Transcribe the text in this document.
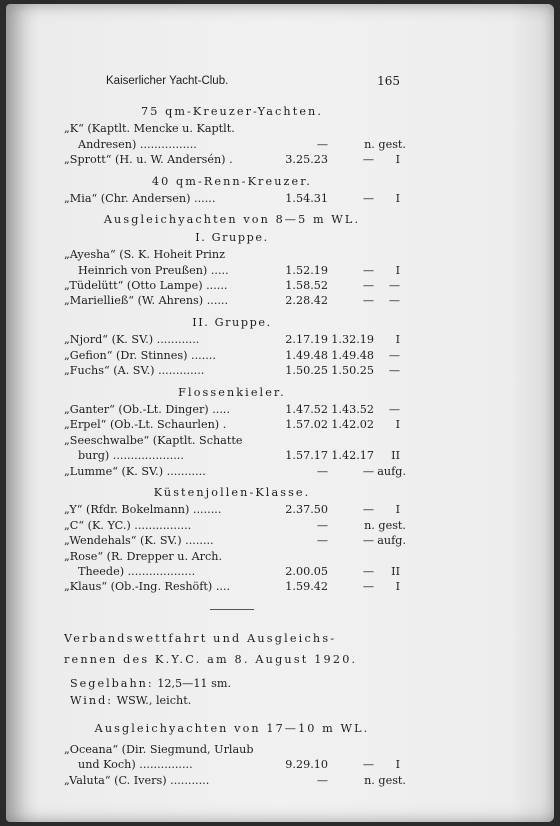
Kaiserlicher Yacht-Club.	165
75 qm-Kreuzer-Yachten.
„K“ (Kaptlt. Mencke u. Kaptlt.
Andresen) ................	—	n. gest.
„Sprott“ (H. u. W. Andersén) .	3.25.23	—	I
40 qm-Renn-Kreuzer.
„Mia“ (Chr. Andersen) ......	1.54.31	—	I
Ausgleichyachten von 8—5 m WL.
I. Gruppe.
„Ayesha“ (S. K. Hoheit Prinz
Heinrich von Preußen) .....	1.52.19	—	I
„Tüdelütt“ (Otto Lampe) ......	1.58.52	—	—
„Marielließ“ (W. Ahrens) ......	2.28.42	—	—
II. Gruppe.
„Njord“ (K. SV.) ............	2.17.19 1.32.19	I
„Gefion“ (Dr. Stinnes) .......	1.49.48 1.49.48	—
„Fuchs“ (A. SV.) .............	1.50.25 1.50.25	—
Flossenkieler.
„Ganter“ (Ob.-Lt. Dinger) .....	1.47.52 1.43.52	—
„Erpel“ (Ob.-Lt. Schaurlen) .	1.57.02 1.42.02	I
„Seeschwalbe“ (Kaptlt. Schatte
burg) ....................	1.57.17 1.42.17	II
„Lumme“ (K. SV.) ...........	—	— aufg.
Küstenjollen-Klasse.
„Y“ (Rfdr. Bokelmann) ........	2.37.50	—	I
„C“ (K. YC.) ................	—	n. gest.
„Wendehals“ (K. SV.) ........	—	— aufg.
„Rose“ (R. Drepper u. Arch.
Theede) ...................	2.00.05	—	II
„Klaus“ (Ob.-Ing. Reshöft) ....	1.59.42	—	I
Verbandswettfahrt und Ausgleichs-
rennen des K.Y.C. am 8. August 1920.
Segelbahn: 12,5—11 sm.
Wind: WSW., leicht.
Ausgleichyachten von 17—10 m WL.
„Oceana“ (Dir. Siegmund, Urlaub
und Koch) ...............	9.29.10	—	I
„Valuta“ (C. Ivers) ...........	—	n. gest.
